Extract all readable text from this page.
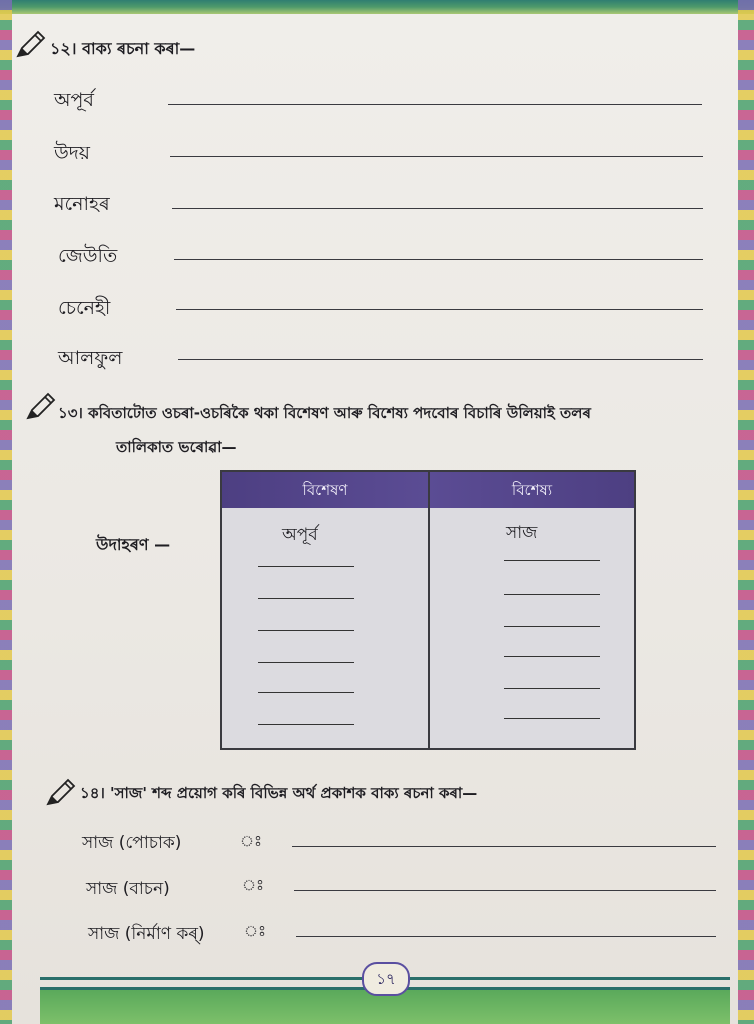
১২। বাক্য ৰচনা কৰা—
অপূৰ্ব
উদয়
মনোহৰ
জেউতি
চেনেহী
আলফুল
১৩। কবিতাটোত ওচৰা-ওচৰিকৈ থকা বিশেষণ আৰু বিশেষ্য পদবোৰ বিচাৰি উলিয়াই তলৰ
তালিকাত ভৰোৱা—
উদাহৰণ —
বিশেষণ	বিশেষ্য
অপূৰ্ব	সাজ
১৪। 'সাজ' শব্দ প্ৰয়োগ কৰি বিভিন্ন অৰ্থ প্ৰকাশক বাক্য ৰচনা কৰা—
সাজ (পোচাক)	ঃ
সাজ (বাচন)	ঃ
সাজ (নিৰ্মাণ কৰ্)	ঃ
১৭
